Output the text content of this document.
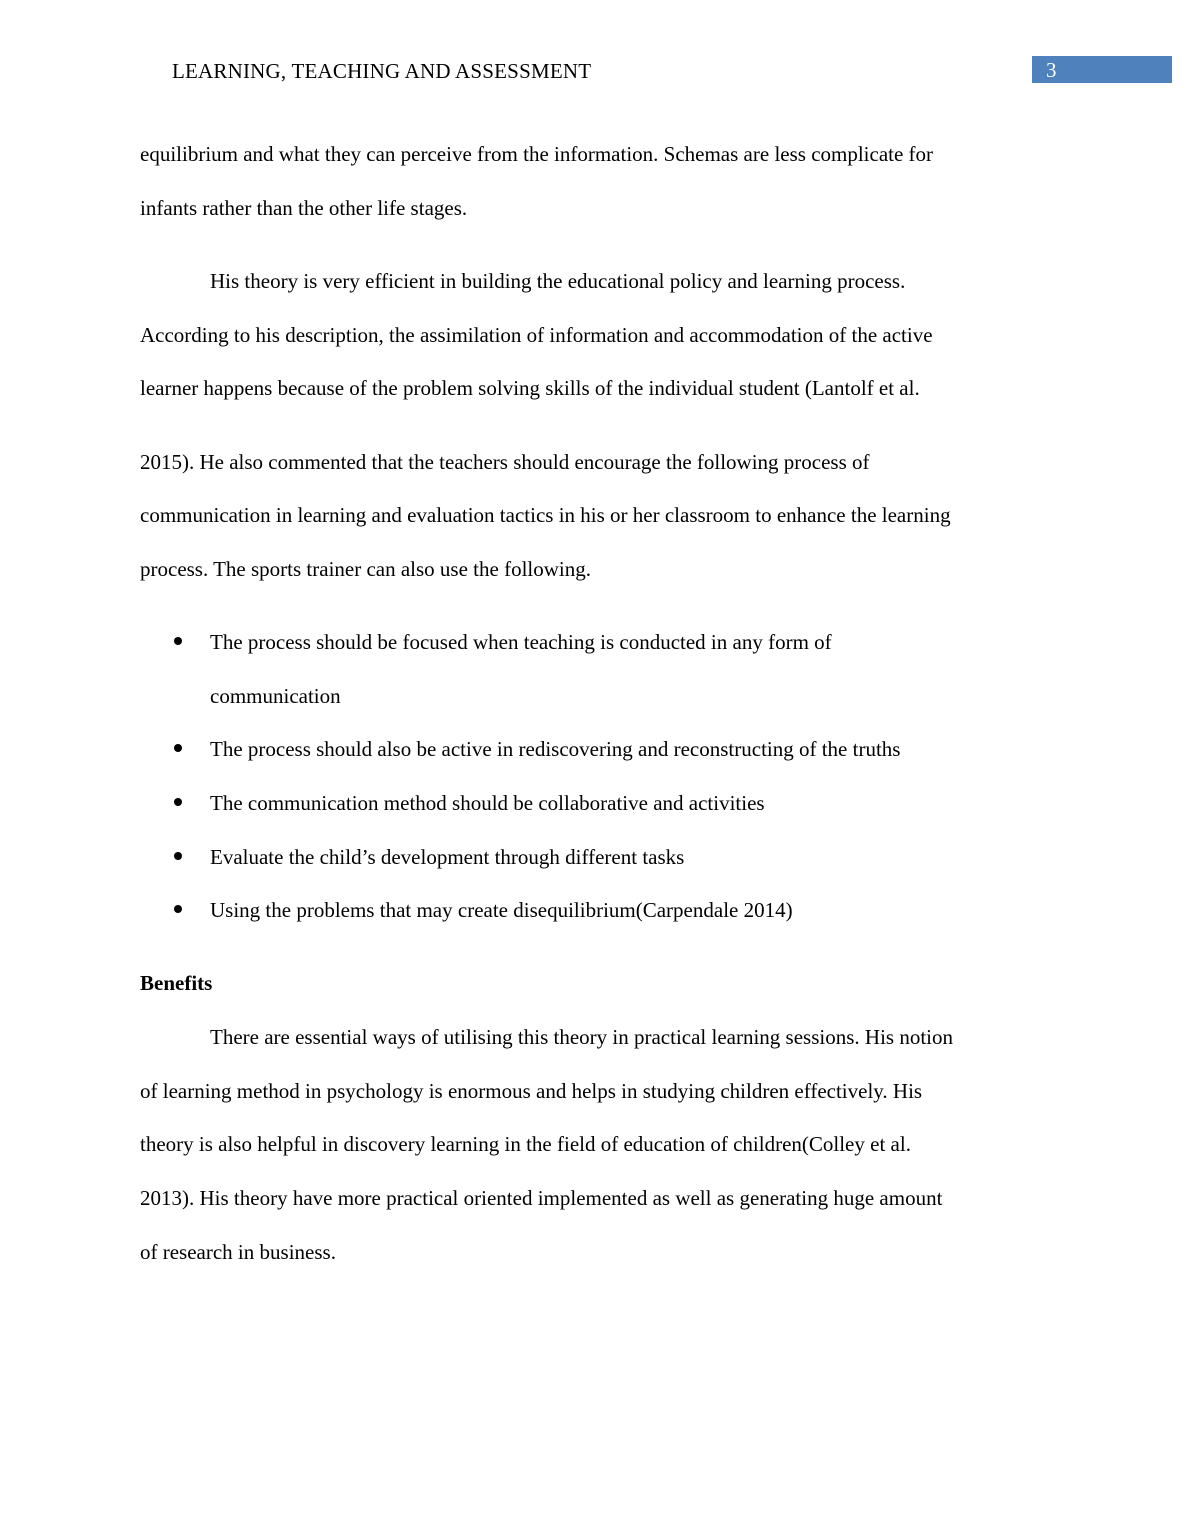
LEARNING, TEACHING AND ASSESSMENT	3
equilibrium and what they can perceive from the information. Schemas are less complicate for
infants rather than the other life stages.
His theory is very efficient in building the educational policy and learning process.
According to his description, the assimilation of information and accommodation of the active
learner happens because of the problem solving skills of the individual student (Lantolf et al.
2015). He also commented that the teachers should encourage the following process of
communication in learning and evaluation tactics in his or her classroom to enhance the learning
process. The sports trainer can also use the following.
The process should be focused when teaching is conducted in any form of
communication
The process should also be active in rediscovering and reconstructing of the truths
The communication method should be collaborative and activities
Evaluate the child’s development through different tasks
Using the problems that may create disequilibrium(Carpendale 2014)
Benefits
There are essential ways of utilising this theory in practical learning sessions. His notion
of learning method in psychology is enormous and helps in studying children effectively. His
theory is also helpful in discovery learning in the field of education of children(Colley et al.
2013). His theory have more practical oriented implemented as well as generating huge amount
of research in business.
